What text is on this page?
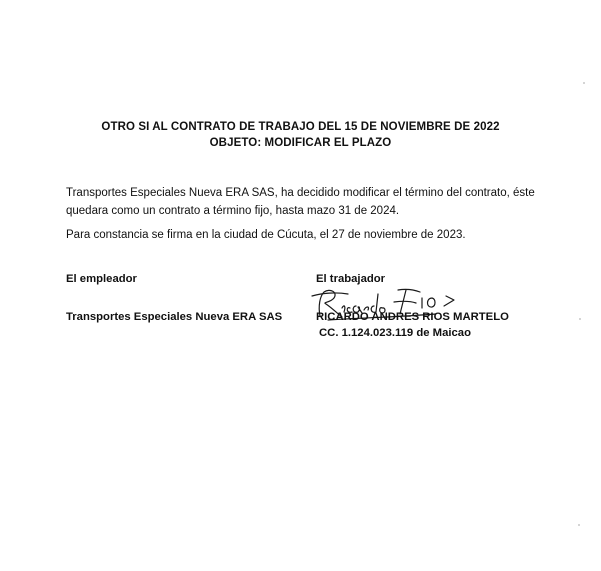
OTRO SI AL CONTRATO DE TRABAJO DEL 15 DE NOVIEMBRE DE 2022
OBJETO: MODIFICAR EL PLAZO
Transportes Especiales Nueva ERA SAS, ha decidido modificar el término del contrato, éste quedara como un contrato a término fijo, hasta mazo 31 de 2024.
Para constancia se firma en la ciudad de Cúcuta, el 27 de noviembre de 2023.
El empleador	El trabajador
Transportes Especiales Nueva ERA SAS	RICARDO ANDRES RIOS MARTELO
CC. 1.124.023.119 de Maicao
